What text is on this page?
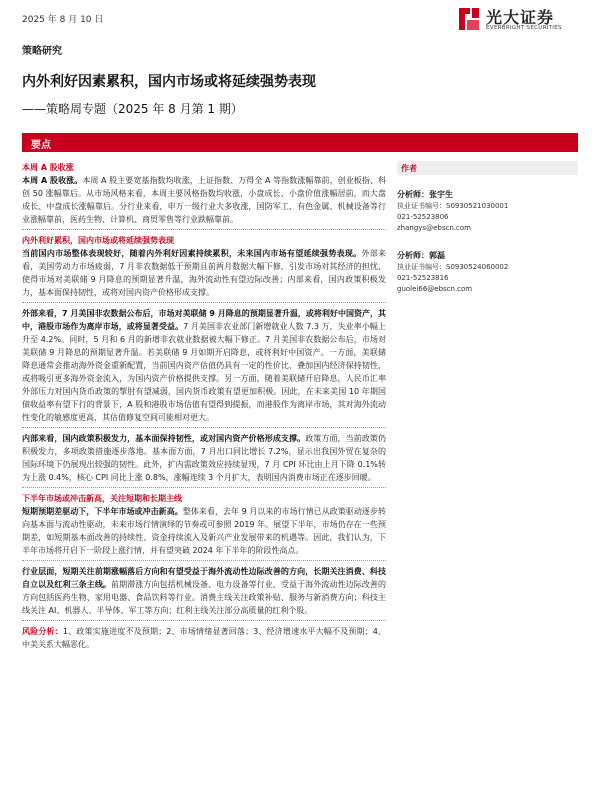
2025 年 8 月 10 日	光大证券
EVERBRIGHT SECURITIES
策略研究
内外利好因素累积，国内市场或将延续强势表现
——策略周专题（2025 年 8 月第 1 期）
要点
本周 A 股收涨
本周 A 股收涨。本周 A 股主要宽基指数均收涨，上证指数、万得全 A 等指数涨幅靠前，创业板指、科创 50 涨幅靠后。从市场风格来看，本周主要风格指数均收涨，小盘成长、小盘价值涨幅居前，而大盘成长、中盘成长涨幅靠后。分行业来看，申万一级行业大多收涨，国防军工、有色金属、机械设备等行业涨幅靠前，医药生物、计算机、商贸零售等行业跌幅靠前。
内外利好累积，国内市场或将延续强势表现
当前国内市场整体表现较好，随着内外利好因素持续累积，未来国内市场有望延续强势表现。外部来看，美国劳动力市场疲弱，7 月非农数据低于预期且前两月数据大幅下修，引发市场对其经济的担忧，使得市场对美联储 9 月降息的预期显著升温，海外流动性有望边际改善；内部来看，国内政策积极发力，基本面保持韧性，或将对国内资产价格形成支撑。
外部来看，7 月美国非农数据公布后，市场对美联储 9 月降息的预期显著升温，或将利好中国资产，其中，港股市场作为离岸市场，或将显著受益。7 月美国非农业部门新增就业人数 7.3 万，失业率小幅上升至 4.2%。同时，5 月和 6 月的新增非农就业数据被大幅下修正。7 月美国非农数据公布后，市场对美联储 9 月降息的预期显著升温。若美联储 9 月如期开启降息，或将利好中国资产。一方面，美联储降息通常会推动海外资金重新配置，当前国内资产估值仍具有一定的性价比，叠加国内经济保持韧性，或将吸引更多海外资金流入，为国内资产价格提供支撑。另一方面，随着美联储开启降息，人民币汇率外部压力对国内货币政策的掣肘有望减弱，国内货币政策有望更加积极。因此，在未来美国 10 年期国债收益率有望下行的背景下，A 股和港股市场估值有望得到提振，而港股作为离岸市场，其对海外流动性变化的敏感度更高，其估值修复空间可能相对更大。
内部来看，国内政策积极发力，基本面保持韧性，或对国内资产价格形成支撑。政策方面，当前政策仍积极发力，多项政策措施逐步落地。基本面方面，7 月出口同比增长 7.2%，显示出我国外贸在复杂的国际环境下仍展现出较强的韧性。此外，扩内需政策效应持续显现，7 月 CPI 环比由上月下降 0.1%转为上涨 0.4%，核心 CPI 同比上涨 0.8%，涨幅连续 3 个月扩大，表明国内消费市场正在逐步回暖。
下半年市场或冲击新高，关注短期和长期主线
短期预期差驱动下，下半年市场或冲击新高。整体来看，去年 9 月以来的市场行情已从政策驱动逐步转向基本面与流动性驱动，未来市场行情演绎的节奏或可参照 2019 年。展望下半年，市场仍存在一些预期差，如短期基本面改善的持续性、资金持续流入及新兴产业发展带来的机遇等。因此，我们认为，下半年市场将开启下一阶段上涨行情，并有望突破 2024 年下半年的阶段性高点。
行业层面，短期关注前期涨幅落后方向和有望受益于海外流动性边际改善的方向，长期关注消费、科技自立以及红利三条主线。前期滞涨方向包括机械设备、电力设备等行业，受益于海外流动性边际改善的方向包括医药生物、家用电器、食品饮料等行业。消费主线关注政策补贴、服务与新消费方向；科技主线关注 AI、机器人、半导体、军工等方向；红利主线关注部分高质量的红利个股。
风险分析：1、政策实施进度不及预期；2、市场情绪显著回落；3、经济增速水平大幅不及预期；4、中美关系大幅恶化。
作者
分析师：张宇生
执业证书编号：S0930521030001
021-52523806
zhangys@ebscn.com
分析师：郭磊
执业证书编号：S0930524060002
021-52523816
guolei66@ebscn.com
